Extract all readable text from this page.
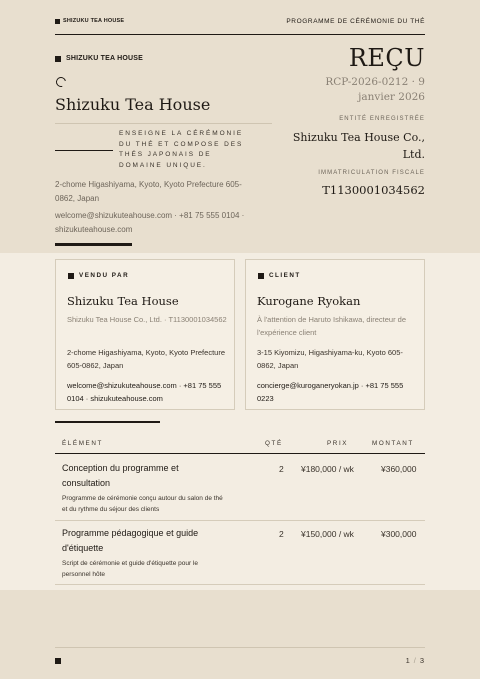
SHIZUKU TEA HOUSE	PROGRAMME DE CÉRÉMONIE DU THÉ
SHIZUKU TEA HOUSE
Shizuku Tea House
ENSEIGNE LA CÉRÉMONIE DU THÉ ET COMPOSE DES THÉS JAPONAIS DE DOMAINE UNIQUE.
2-chome Higashiyama, Kyoto, Kyoto Prefecture 605-0862, Japan
welcome@shizukuteahouse.com · +81 75 555 0104 · shizukuteahouse.com
REÇU
RCP-2026-0212 · 9 janvier 2026
ENTITÉ ENREGISTRÉE
Shizuku Tea House Co., Ltd.
IMMATRICULATION FISCALE
T1130001034562
VENDU PAR
Shizuku Tea House
Shizuku Tea House Co., Ltd. · T1130001034562
2-chome Higashiyama, Kyoto, Kyoto Prefecture 605-0862, Japan
welcome@shizukuteahouse.com · +81 75 555 0104 · shizukuteahouse.com
CLIENT
Kurogane Ryokan
À l'attention de Haruto Ishikawa, directeur de l'expérience client
3-15 Kiyomizu, Higashiyama-ku, Kyoto 605-0862, Japan
concierge@kuroganeryokan.jp · +81 75 555 0223
ÉLÉMENT	QTÉ	PRIX	MONTANT
Conception du programme et consultation
Programme de cérémonie conçu autour du salon de thé et du rythme du séjour des clients
2 ¥180,000 / wk	¥360,000
Programme pédagogique et guide d'étiquette
Script de cérémonie et guide d'étiquette pour le personnel hôte
2 ¥150,000 / wk	¥300,000
1 / 3
